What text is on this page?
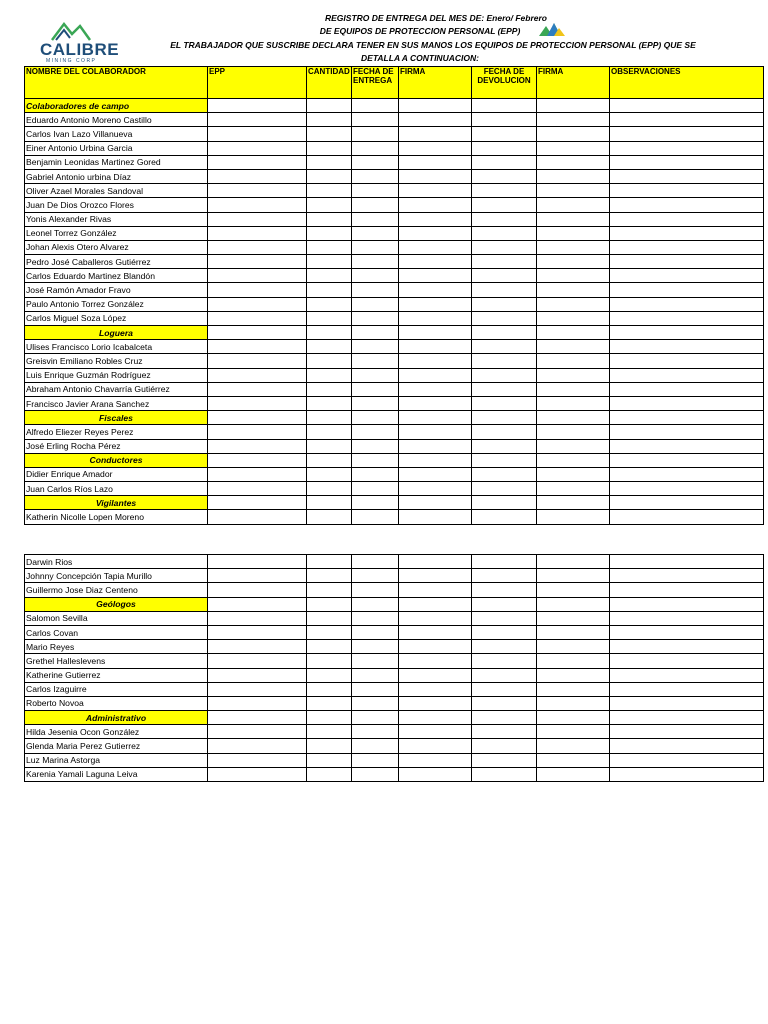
CALIBRE
MINING CORP
REGISTRO DE ENTREGA DEL MES DE: Enero/ Febrero
DE EQUIPOS DE PROTECCION PERSONAL (EPP)
EL TRABAJADOR QUE SUSCRIBE DECLARA TENER EN SUS MANOS LOS EQUIPOS DE PROTECCION PERSONAL (EPP) QUE SE
DETALLA A CONTINUACION:
NOMBRE DEL COLABORADOR	EPP	CANTIDAD	FECHA DE ENTREGA	FIRMA	FECHA DE DEVOLUCION	FIRMA	OBSERVACIONES
Colaboradores de campo							
Eduardo Antonio Moreno Castillo							
Carlos Ivan Lazo Villanueva							
Einer Antonio Urbina Garcia							
Benjamin Leonidas Martinez Gored							
Gabriel Antonio urbina Díaz							
Oliver Azael Morales Sandoval							
Juan De Dios Orozco Flores							
Yonis Alexander Rivas							
Leonel Torrez González							
Johan Alexis Otero Alvarez							
Pedro José Caballeros Gutiérrez							
Carlos Eduardo Martinez Blandón							
José Ramón Amador Fravo							
Paulo Antonio Torrez González							
Carlos Miguel Soza López							
Loguera							
Ulises Francisco Lorio Icabalceta							
Greisvin Emiliano Robles Cruz							
Luis Enrique Guzmán Rodríguez							
Abraham Antonio Chavarría Gutiérrez							
Francisco Javier Arana Sanchez							
Fiscales							
Alfredo Eliezer Reyes Perez							
José Erling Rocha Pérez							
Conductores							
Didier Enrique Amador							
Juan Carlos Ríos Lazo							
Vigilantes							
Katherin Nicolle Lopen Moreno							
Darwin Rios							
Johnny Concepción Tapia Murillo							
Guillermo Jose Diaz Centeno							
Geólogos							
Salomon Sevilla							
Carlos Covan							
Mario Reyes							
Grethel Halleslevens							
Katherine Gutierrez							
Carlos Izaguirre							
Roberto Novoa							
Administrativo							
Hilda Jesenia Ocon González							
Glenda Maria Perez Gutierrez							
Luz Marina Astorga							
Karenia Yamali Laguna Leiva							
